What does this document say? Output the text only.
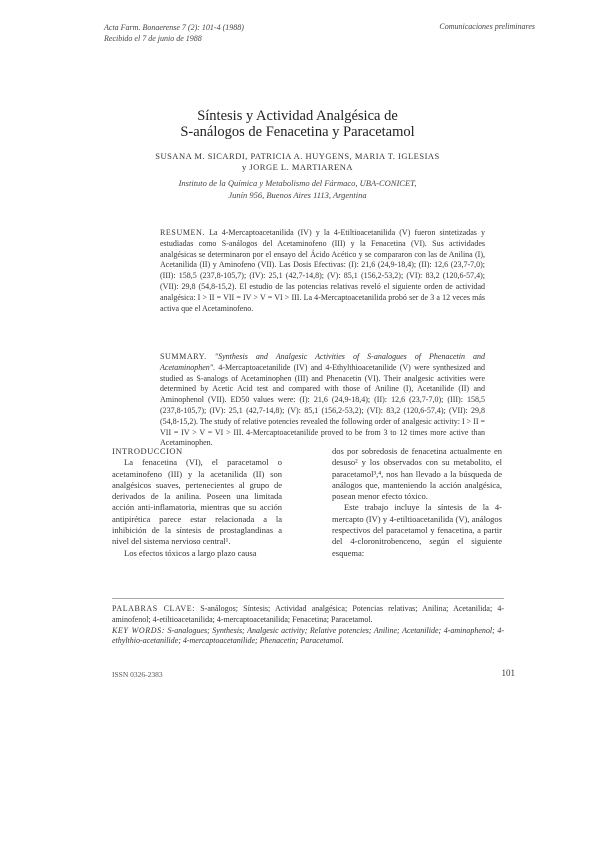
Acta Farm. Bonaerense 7 (2): 101-4 (1988)
Recibido el 7 de junio de 1988
Comunicaciones preliminares
Síntesis y Actividad Analgésica de
S-análogos de Fenacetina y Paracetamol
SUSANA M. SICARDI, PATRICIA A. HUYGENS, MARIA T. IGLESIAS
y JORGE L. MARTIARENA
Instituto de la Química y Metabolismo del Fármaco, UBA-CONICET,
Junín 956, Buenos Aires 1113, Argentina

RESUMEN. La 4-Mercaptoacetanilida (IV) y la 4-Etiltioacetanilida (V) fueron sintetizadas y estudiadas como S-análogos del Acetaminofeno (III) y la Fenacetina (VI). Sus actividades analgésicas se determinaron por el ensayo del Ácido Acético y se compararon con las de Anilina (I), Acetanilida (II) y Aminofeno (VII). Las Dosis Efectivas: (I): 21,6 (24,9-18,4); (II): 12,6 (23,7-7,0); (III): 158,5 (237,8-105,7); (IV): 25,1 (42,7-14,8); (V): 85,1 (156,2-53,2); (VI): 83,2 (120,6-57,4); (VII): 29,8 (54,8-15,2). El estudio de las potencias relativas reveló el siguiente orden de actividad analgésica: I > II = VII = IV > V = VI > III. La 4-Mercaptoacetanilida probó ser de 3 a 12 veces más activa que el Acetaminofeno.

SUMMARY. "Synthesis and Analgesic Activities of S-analogues of Phenacetin and Acetaminophen". 4-Mercaptoacetanilide (IV) and 4-Ethylthioacetanilide (V) were synthesized and studied as S-analogs of Acetaminophen (III) and Phenacetin (VI). Their analgesic activities were determined by Acetic Acid test and compared with those of Aniline (I), Acetanilide (II) and Aminophenol (VII). ED50 values were: (I): 21,6 (24,9-18,4); (II): 12,6 (23,7-7,0); (III): 158,5 (237,8-105,7); (IV): 25,1 (42,7-14,8); (V): 85,1 (156,2-53,2); (VI): 83,2 (120,6-57,4); (VII): 29,8 (54,8-15,2). The study of relative potencies revealed the following order of analgesic activity: I > II = VII = IV > V = VI > III. 4-Mercaptoacetanilide proved to be from 3 to 12 times more active than Acetaminophen.

INTRODUCCION

La fenacetina (VI), el paracetamol o acetaminofeno (III) y la acetanilida (II) son analgésicos suaves, pertenecientes al grupo de derivados de la anilina. Poseen una limitada acción anti-inflamatoria, mientras que su acción antipirética parece estar relacionada a la inhibición de la síntesis de prostaglandinas a nivel del sistema nervioso central¹.

Los efectos tóxicos a largo plazo causa

dos por sobredosis de fenacetina actualmente en desuso² y los observados con su metabolito, el paracetamol³,⁴, nos han llevado a la búsqueda de análogos que, manteniendo la acción analgésica, posean menor efecto tóxico.

Este trabajo incluye la síntesis de la 4-mercapto (IV) y 4-etiltioacetanilida (V), análogos respectivos del paracetamol y fenacetina, a partir del 4-cloronitrobenceno, según el siguiente esquema:

PALABRAS CLAVE: S-análogos; Síntesis; Actividad analgésica; Potencias relativas; Anilina; Acetanilida; 4-aminofenol; 4-etiltioacetanilida; 4-mercaptoacetanilida; Fenacetina; Paracetamol.

KEY WORDS: S-analogues; Synthesis; Analgesic activity; Relative potencies; Aniline; Acetanilide; 4-aminophenol; 4-ethylthio-acetanilide; 4-mercaptoacetanilide; Phenacetin; Paracetamol.

ISSN 0326-2383	101
